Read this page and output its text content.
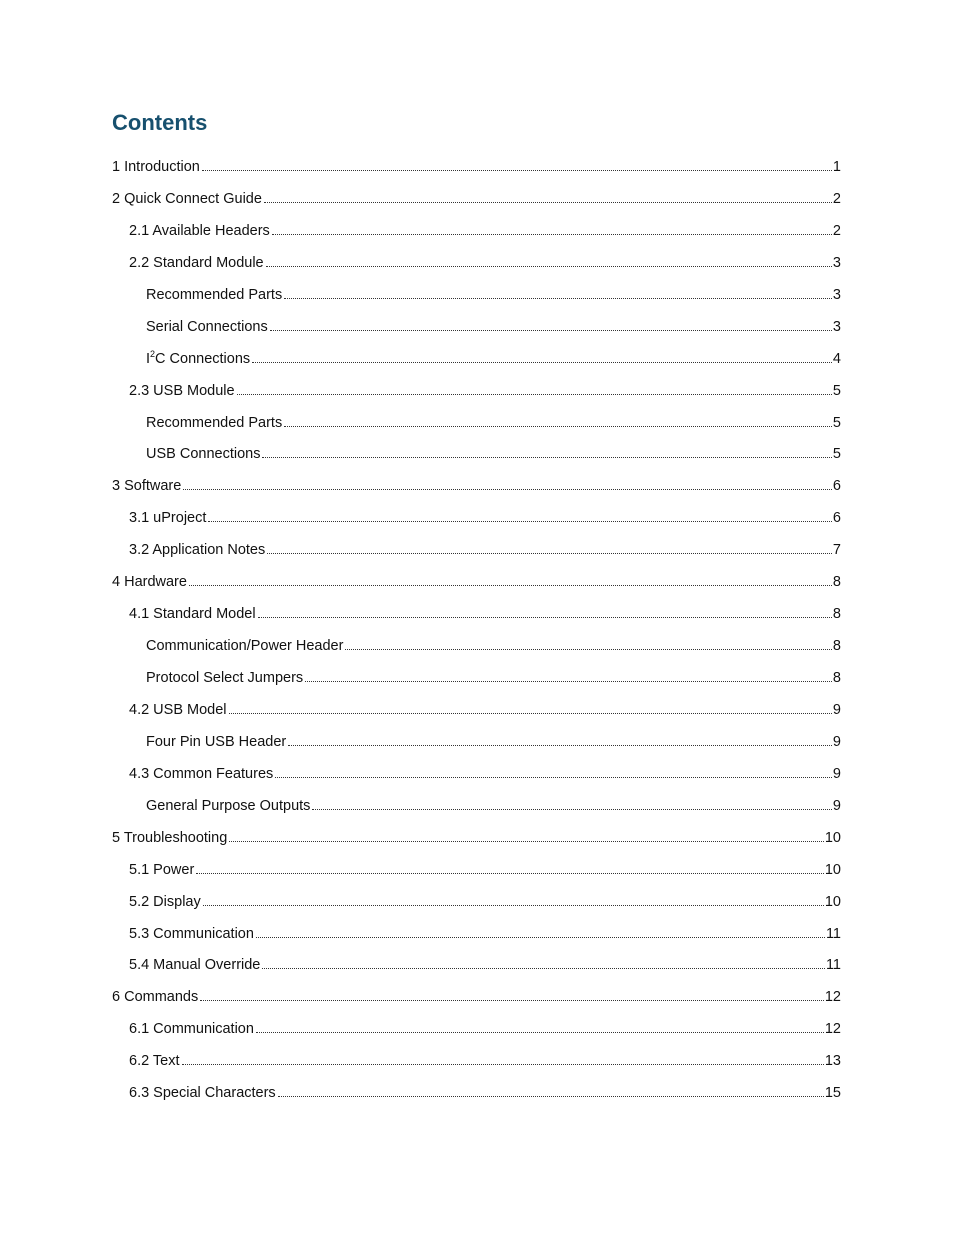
Contents
1 Introduction	1
2 Quick Connect Guide	2
2.1 Available Headers	2
2.2 Standard Module	3
Recommended Parts	3
Serial Connections	3
$I^2C$ Connections	4
2.3 USB Module	5
Recommended Parts	5
USB Connections	5
3 Software	6
3.1 uProject	6
3.2 Application Notes	7
4 Hardware	8
4.1 Standard Model	8
Communication/Power Header	8
Protocol Select Jumpers	8
4.2 USB Model	9
Four Pin USB Header	9
4.3 Common Features	9
General Purpose Outputs	9
5 Troubleshooting	10
5.1 Power	10
5.2 Display	10
5.3 Communication	11
5.4 Manual Override	11
6 Commands	12
6.1 Communication	12
6.2 Text	13
6.3 Special Characters	15
